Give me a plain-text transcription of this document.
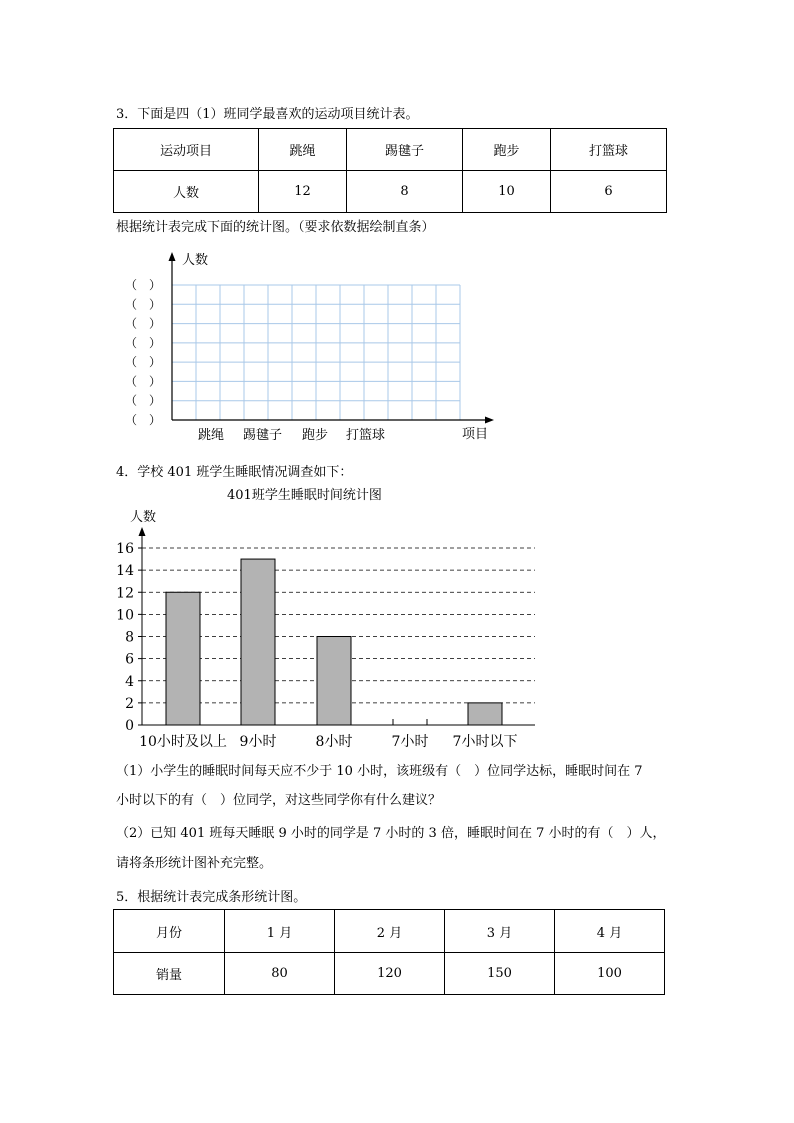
3．下面是四（1）班同学最喜欢的运动项目统计表。
运动项目	跳绳	踢毽子	跑步	打篮球
人数	12	8	10	6
根据统计表完成下面的统计图。（要求依数据绘制直条）
人数
项目
（　）
（　）
（　）
（　）
（　）
（　）
（　）
（　）
跳绳 踢毽子 跑步 打篮球
4．学校 401 班学生睡眠情况调查如下：
401班学生睡眠时间统计图
人数
0
2
4
6
8
10
12
14
16
10小时及以上 9小时	8小时	7小时 7小时以下
（1）小学生的睡眠时间每天应不少于 10 小时，该班级有（　）位同学达标，睡眠时间在 7
小时以下的有（　）位同学，对这些同学你有什么建议？
（2）已知 401 班每天睡眠 9 小时的同学是 7 小时的 3 倍，睡眠时间在 7 小时的有（　）人，
请将条形统计图补充完整。
5．根据统计表完成条形统计图。
月份	1 月	2 月	3 月	4 月
销量	80	120	150	100
